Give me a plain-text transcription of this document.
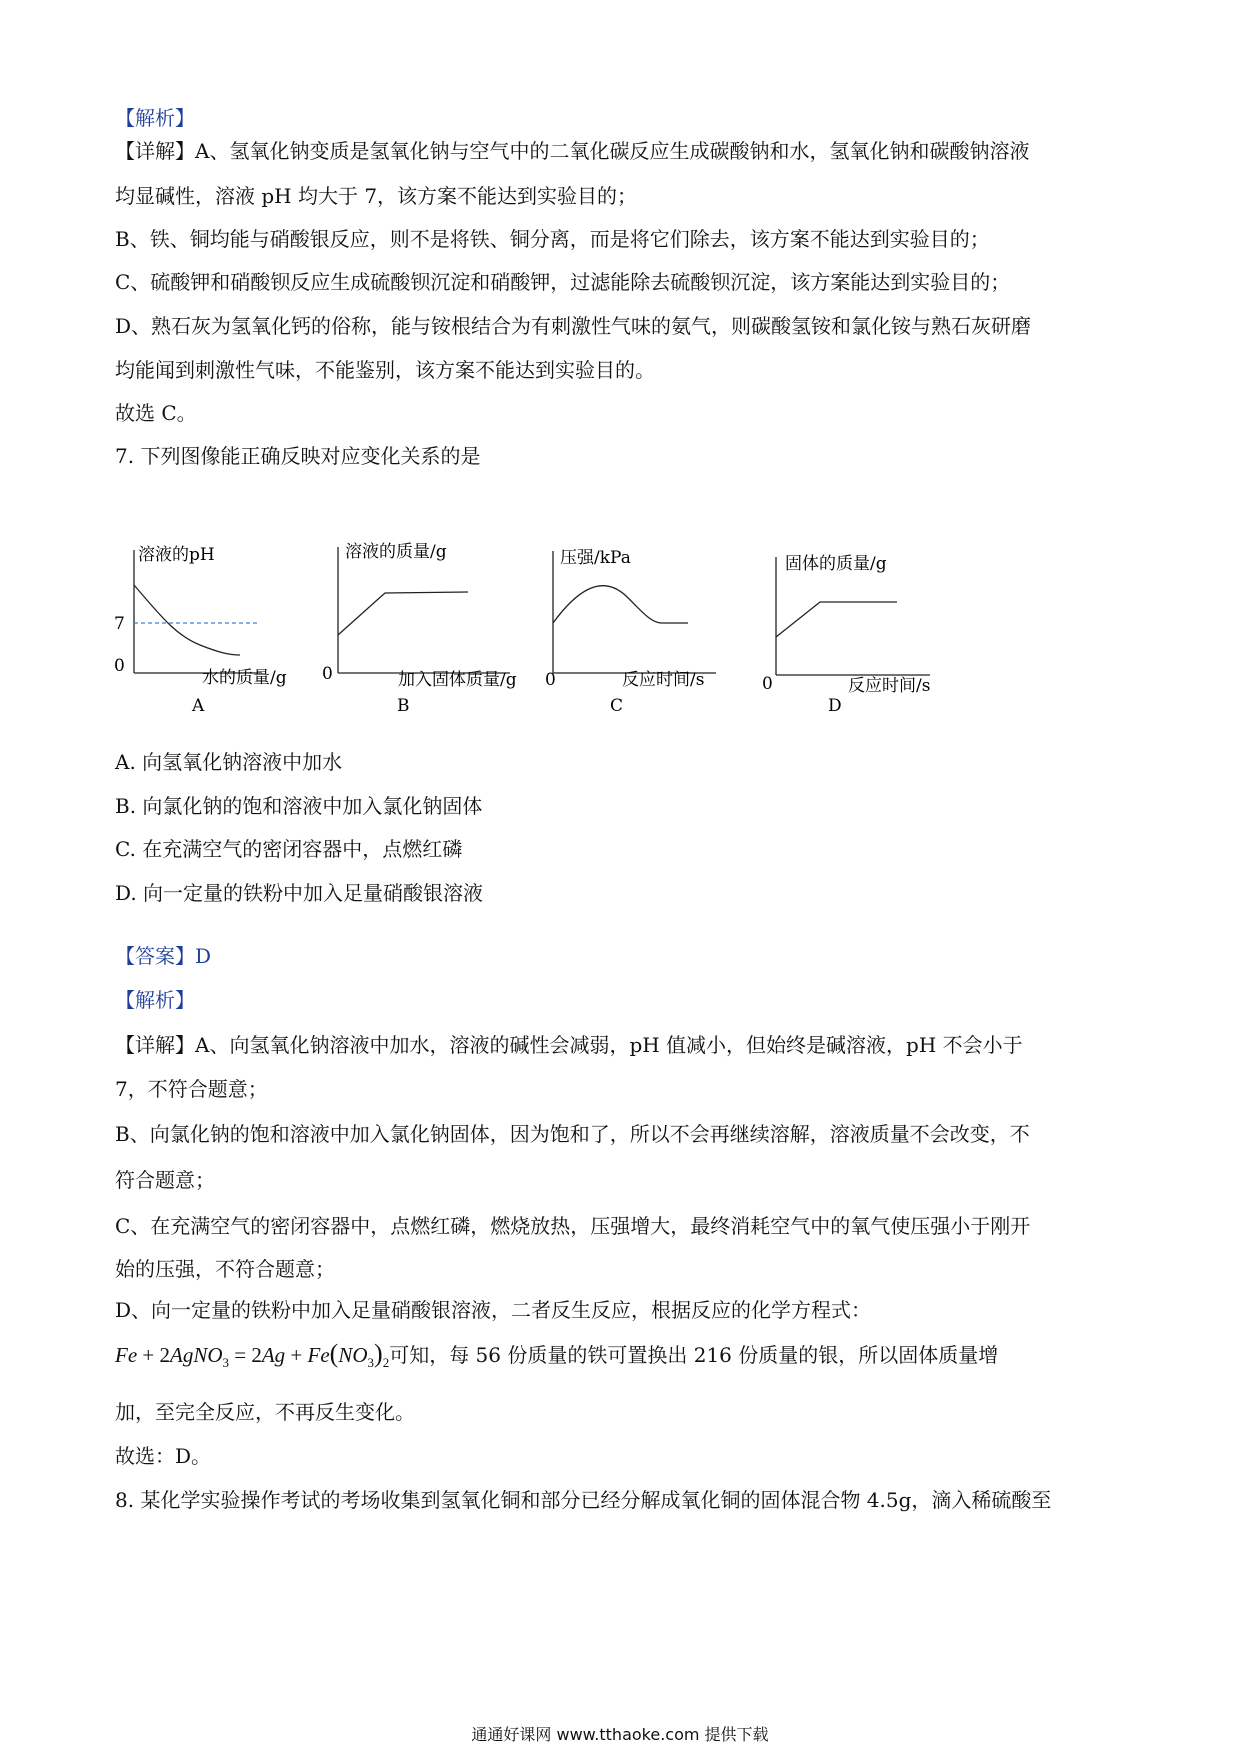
【解析】
【详解】A、氢氧化钠变质是氢氧化钠与空气中的二氧化碳反应生成碳酸钠和水，氢氧化钠和碳酸钠溶液
均显碱性，溶液 pH 均大于 7，该方案不能达到实验目的；
B、铁、铜均能与硝酸银反应，则不是将铁、铜分离，而是将它们除去，该方案不能达到实验目的；
C、硫酸钾和硝酸钡反应生成硫酸钡沉淀和硝酸钾，过滤能除去硫酸钡沉淀，该方案能达到实验目的；
D、熟石灰为氢氧化钙的俗称，能与铵根结合为有刺激性气味的氨气，则碳酸氢铵和氯化铵与熟石灰研磨
均能闻到刺激性气味，不能鉴别，该方案不能达到实验目的。
故选 C。
7. 下列图像能正确反映对应变化关系的是
溶液的pH
7
0
水的质量/g
A
溶液的质量/g
0	加入固体质量/g
B
压强/kPa
0	反应时间/s
C
固体的质量/g
0	反应时间/s
D
A. 向氢氧化钠溶液中加水
B. 向氯化钠的饱和溶液中加入氯化钠固体
C. 在充满空气的密闭容器中，点燃红磷
D. 向一定量的铁粉中加入足量硝酸银溶液
【答案】D
【解析】
【详解】A、向氢氧化钠溶液中加水，溶液的碱性会减弱，pH 值减小，但始终是碱溶液，pH 不会小于
7，不符合题意；
B、向氯化钠的饱和溶液中加入氯化钠固体，因为饱和了，所以不会再继续溶解，溶液质量不会改变，不
符合题意；
C、在充满空气的密闭容器中，点燃红磷，燃烧放热，压强增大，最终消耗空气中的氧气使压强小于刚开
始的压强，不符合题意；
D、向一定量的铁粉中加入足量硝酸银溶液，二者反生反应，根据反应的化学方程式：
Fe + 2AgNO$_3$ = $2Ag + Fe(NO_3)_2$可知，每 56 份质量的铁可置换出 216 份质量的银，所以固体质量增
加，至完全反应，不再反生变化。
故选：D。
8. 某化学实验操作考试的考场收集到氢氧化铜和部分已经分解成氧化铜的固体混合物 4.5g，滴入稀硫酸至
通通好课网 www.tthaoke.com 提供下载
